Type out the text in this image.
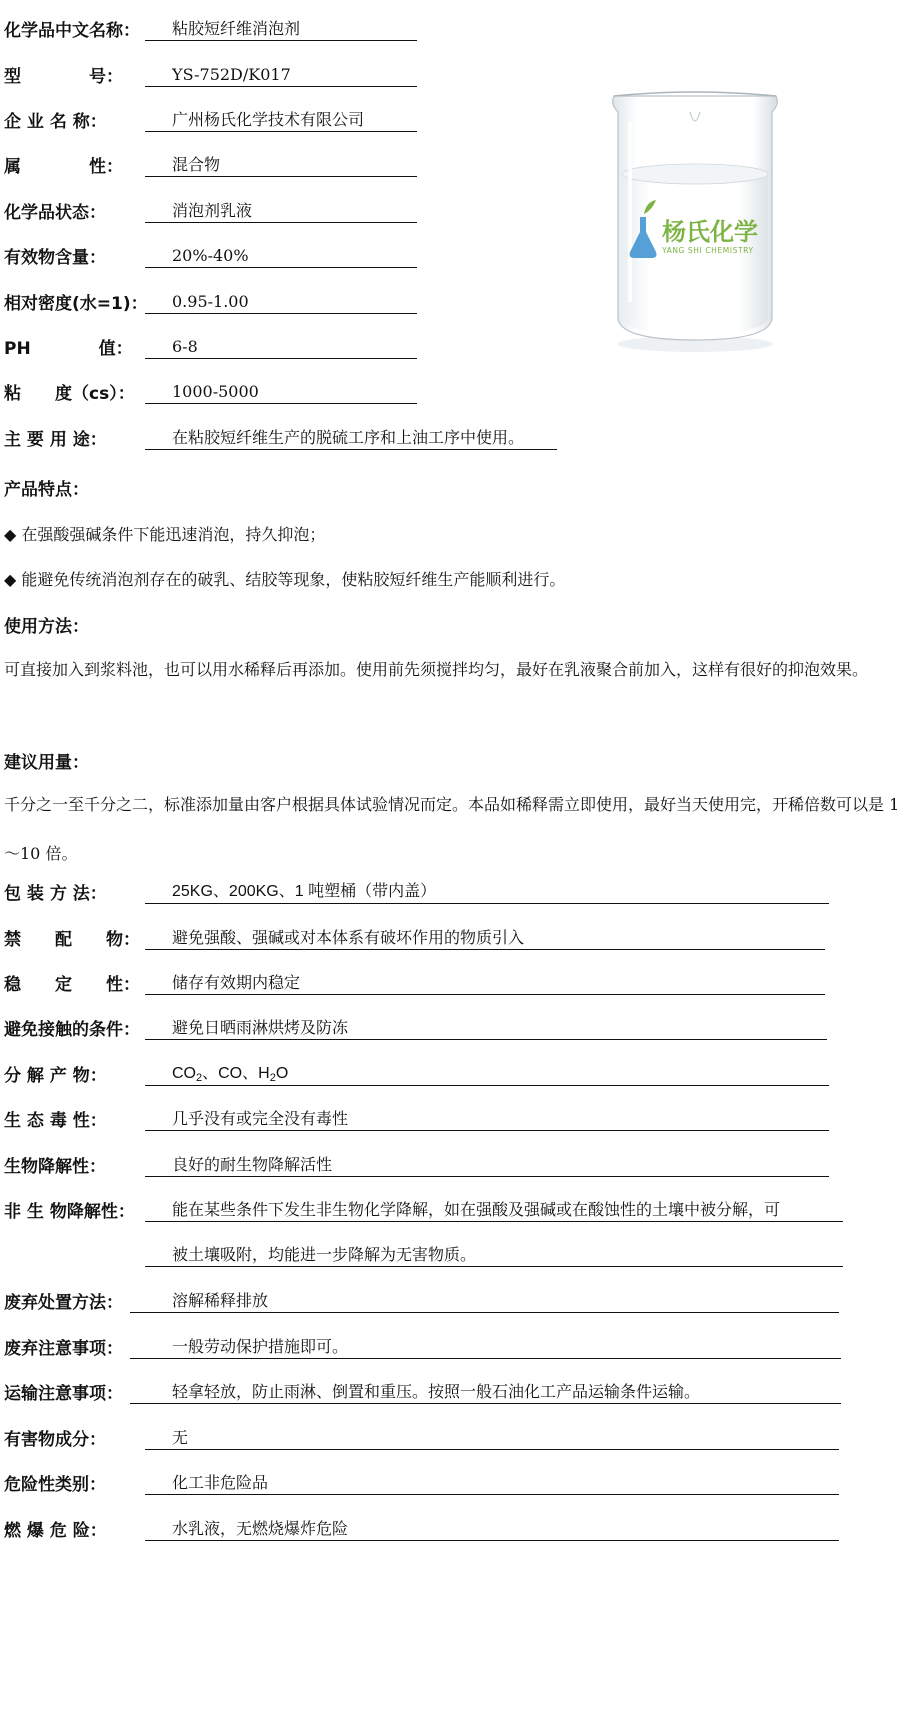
化学品中文名称：	粘胶短纤维消泡剂
型　　　　号：	YS-752D/K017
企 业 名 称：	广州杨氏化学技术有限公司
属　　　　性：	混合物
化学品状态：	消泡剂乳液
有效物含量：	20%-40%
相对密度(水=1)：	0.95-1.00
PH　　　　值：	6-8
粘　　度（cs）：	1000-5000
主 要 用 途：	在粘胶短纤维生产的脱硫工序和上油工序中使用。
杨氏化学
YANG SHI CHEMISTRY
产品特点：
◆ 在强酸强碱条件下能迅速消泡，持久抑泡；
◆ 能避免传统消泡剂存在的破乳、结胶等现象，使粘胶短纤维生产能顺利进行。
使用方法：
可直接加入到浆料池，也可以用水稀释后再添加。使用前先须搅拌均匀，最好在乳液聚合前加入，这样有很好的抑泡效果。
建议用量：
千分之一至千分之二，标准添加量由客户根据具体试验情况而定。本品如稀释需立即使用，最好当天使用完，开稀倍数可以是 1～10 倍。
包 装 方 法：	25KG、200KG、1 吨塑桶（带内盖）
禁　　配　　物：	避免强酸、强碱或对本体系有破坏作用的物质引入
稳　　定　　性：	储存有效期内稳定
避免接触的条件：	避免日晒雨淋烘烤及防冻
分 解 产 物：	$CO_2$、CO、$H_2O$
生 态 毒 性：	几乎没有或完全没有毒性
生物降解性：	良好的耐生物降解活性
非 生 物降解性：	能在某些条件下发生非生物化学降解，如在强酸及强碱或在酸蚀性的土壤中被分解，可
被土壤吸附，均能进一步降解为无害物质。
废弃处置方法：	溶解稀释排放
废弃注意事项：	一般劳动保护措施即可。
运输注意事项：	轻拿轻放，防止雨淋、倒置和重压。按照一般石油化工产品运输条件运输。
有害物成分：	无
危险性类别：	化工非危险品
燃 爆 危 险：	水乳液，无燃烧爆炸危险
